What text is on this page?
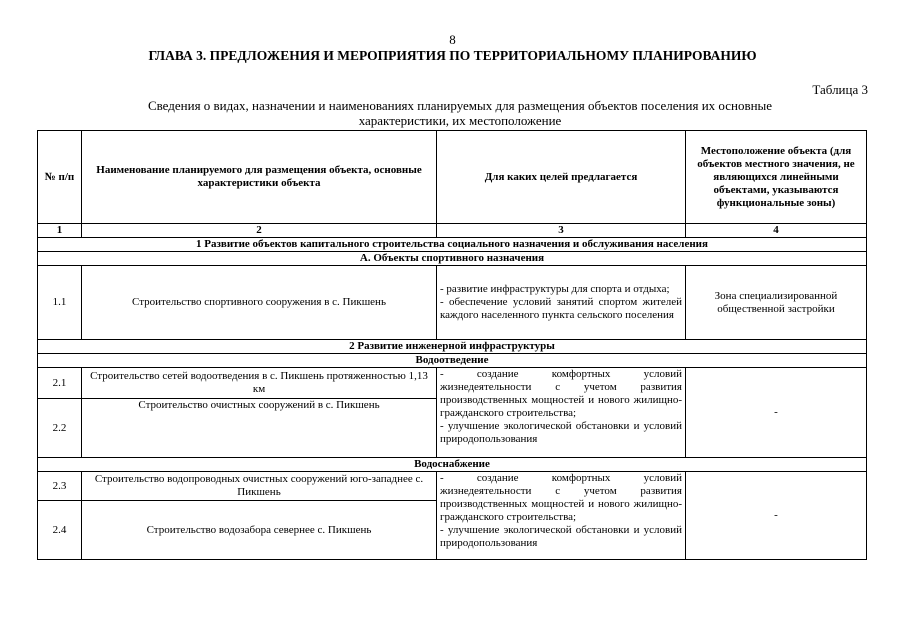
8
ГЛАВА 3. ПРЕДЛОЖЕНИЯ И МЕРОПРИЯТИЯ ПО ТЕРРИТОРИАЛЬНОМУ ПЛАНИРОВАНИЮ
Таблица 3
Сведения о видах, назначении и наименованиях планируемых для размещения объектов поселения их основные
характеристики, их местоположение
№ п/п	Наименование планируемого для размещения объекта, основные характеристики объекта	Для каких целей предлагается	Местоположение объекта (для объектов местного значения, не являющихся линейными объектами, указываются функциональные зоны)
1	2	3	4
1 Развитие объектов капитального строительства социального назначения и обслуживания населения			
А. Объекты спортивного назначения			
1.1	Строительство спортивного сооружения в с. Пикшень	- развитие инфраструктуры для спорта и отдыха;
- обеспечение условий занятий спортом жителей каждого населенного пункта сельского поселения	Зона специализированной общественной застройки
2 Развитие инженерной инфраструктуры			
Водоотведение			
2.1	Строительство сетей водоотведения в с. Пикшень протяженностью 1,13 км	- создание комфортных условий жизнедеятельности с учетом развития производственных мощностей и нового жилищно-гражданского строительства;
- улучшение экологической обстановки и условий природопользования	-
2.2	Строительство очистных сооружений в с. Пикшень		
Водоснабжение			
2.3	Строительство водопроводных очистных сооружений юго-западнее с. Пикшень	- создание комфортных условий жизнедеятельности с учетом развития производственных мощностей и нового жилищно-гражданского строительства;
- улучшение экологической обстановки и условий природопользования	-
2.4	Строительство водозабора севернее с. Пикшень		
